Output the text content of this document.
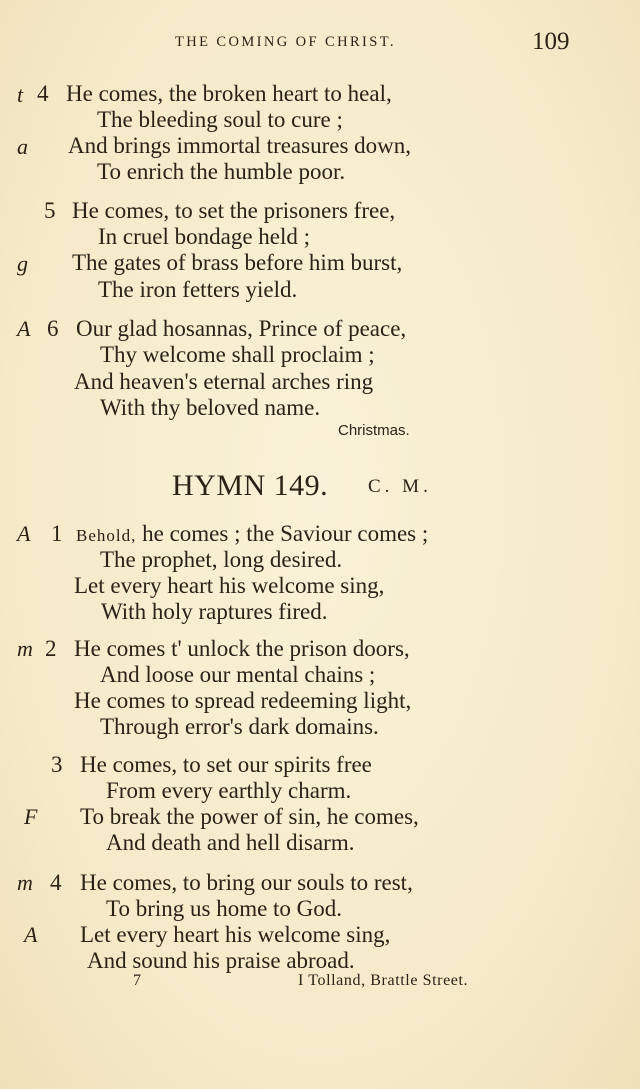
THE COMING OF CHRIST.	109
t 4 He comes, the broken heart to heal,
The bleeding soul to cure ;
a And brings immortal treasures down,
To enrich the humble poor.
5 He comes, to set the prisoners free,
In cruel bondage held ;
g The gates of brass before him burst,
The iron fetters yield.
A 6 Our glad hosannas, Prince of peace,
Thy welcome shall proclaim ;
And heaven's eternal arches ring
With thy beloved name.
Christmas.
HYMN 149. C. M.
A 1 Behold, he comes ; the Saviour comes ;
The prophet, long desired.
Let every heart his welcome sing,
With holy raptures fired.
m 2 He comes t' unlock the prison doors,
And loose our mental chains ;
He comes to spread redeeming light,
Through error's dark domains.
3 He comes, to set our spirits free
From every earthly charm.
F To break the power of sin, he comes,
And death and hell disarm.
m 4 He comes, to bring our souls to rest,
To bring us home to God.
A Let every heart his welcome sing,
And sound his praise abroad.
7	I Tolland, Brattle Street.
